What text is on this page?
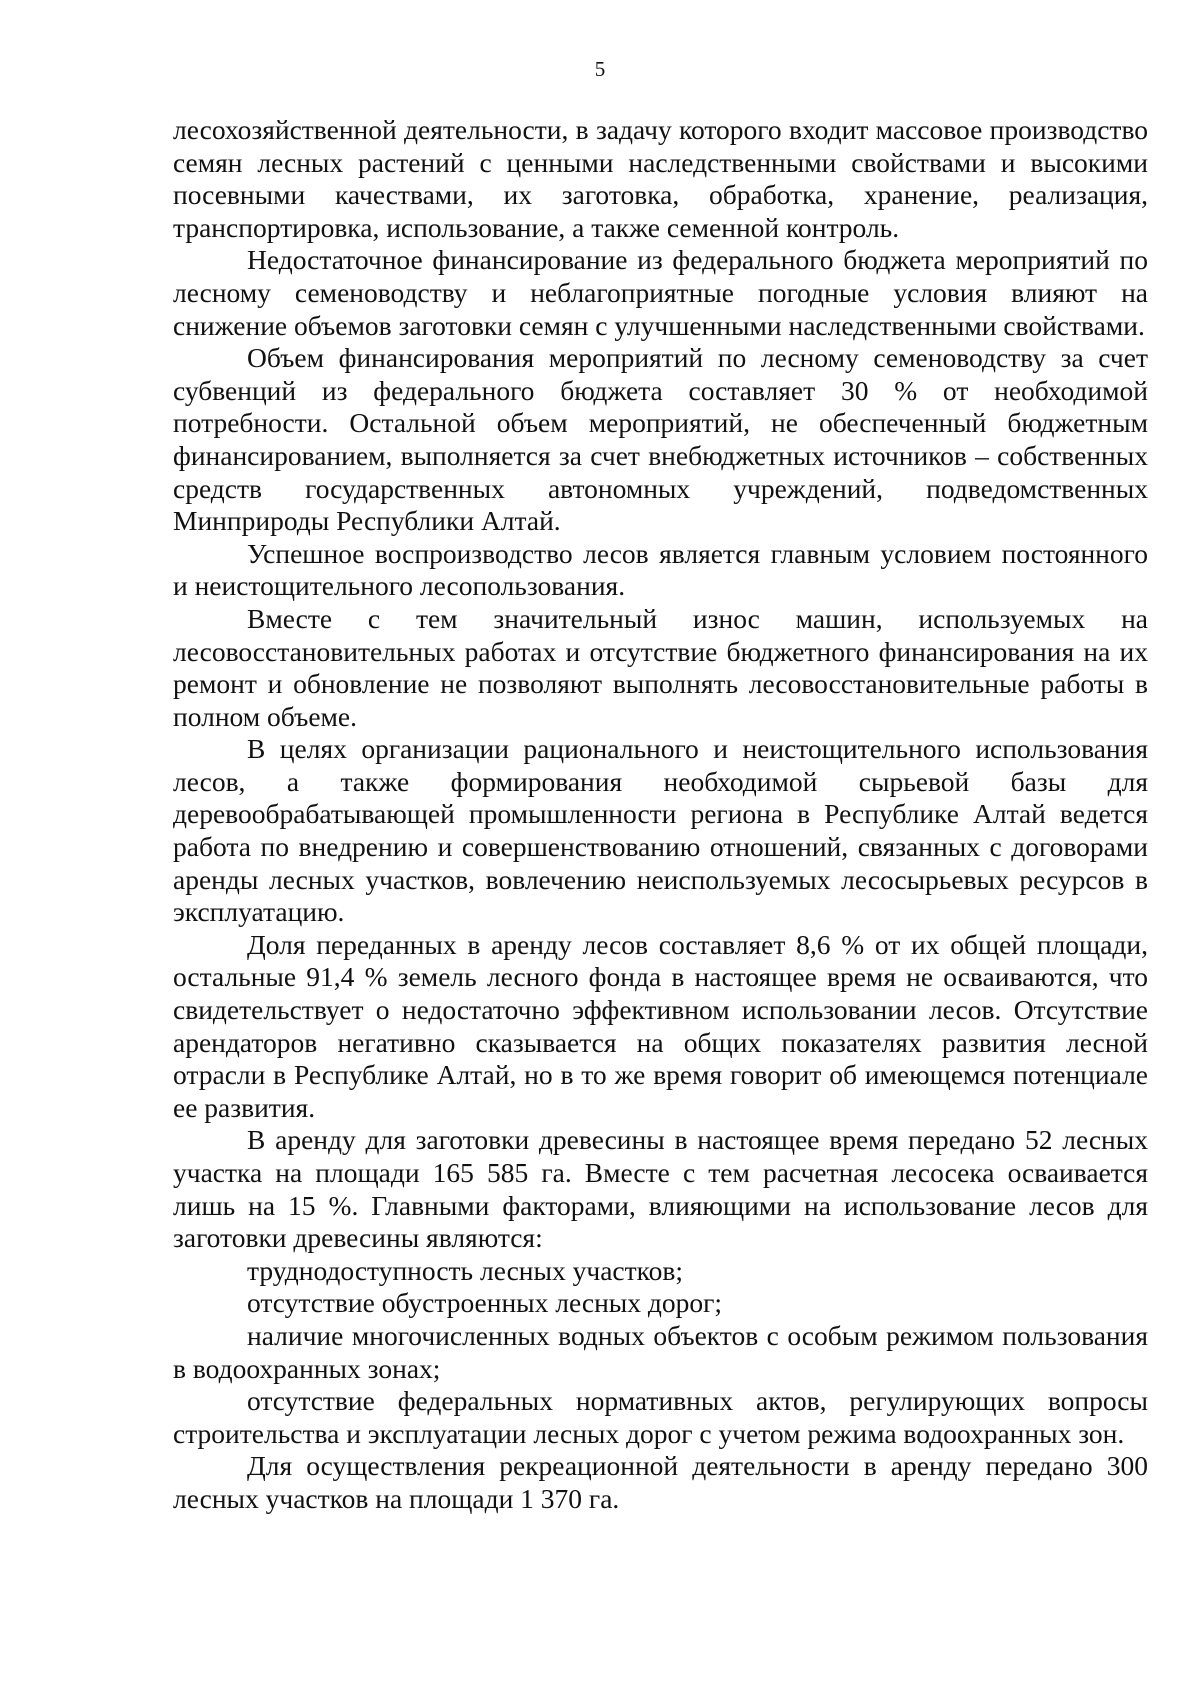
5

лесохозяйственной деятельности, в задачу которого входит массовое производство семян лесных растений с ценными наследственными свойствами и высокими посевными качествами, их заготовка, обработка, хранение, реализация, транспортировка, использование, а также семенной контроль.

Недостаточное финансирование из федерального бюджета мероприятий по лесному семеноводству и неблагоприятные погодные условия влияют на снижение объемов заготовки семян с улучшенными наследственными свойствами.

Объем финансирования мероприятий по лесному семеноводству за счет субвенций из федерального бюджета составляет 30 % от необходимой потребности. Остальной объем мероприятий, не обеспеченный бюджетным финансированием, выполняется за счет внебюджетных источников – собственных средств государственных автономных учреждений, подведомственных Минприроды Республики Алтай.

Успешное воспроизводство лесов является главным условием постоянного и неистощительного лесопользования.

Вместе с тем значительный износ машин, используемых на лесовосстановительных работах и отсутствие бюджетного финансирования на их ремонт и обновление не позволяют выполнять лесовосстановительные работы в полном объеме.

В целях организации рационального и неистощительного использования лесов, а также формирования необходимой сырьевой базы для деревообрабатывающей промышленности региона в Республике Алтай ведется работа по внедрению и совершенствованию отношений, связанных с договорами аренды лесных участков, вовлечению неиспользуемых лесосырьевых ресурсов в эксплуатацию.

Доля переданных в аренду лесов составляет 8,6 % от их общей площади, остальные 91,4 % земель лесного фонда в настоящее время не осваиваются, что свидетельствует о недостаточно эффективном использовании лесов. Отсутствие арендаторов негативно сказывается на общих показателях развития лесной отрасли в Республике Алтай, но в то же время говорит об имеющемся потенциале ее развития.

В аренду для заготовки древесины в настоящее время передано 52 лесных участка на площади 165 585 га. Вместе с тем расчетная лесосека осваивается лишь на 15 %. Главными факторами, влияющими на использование лесов для заготовки древесины являются:

труднодоступность лесных участков;

отсутствие обустроенных лесных дорог;

наличие многочисленных водных объектов с особым режимом пользования в водоохранных зонах;

отсутствие федеральных нормативных актов, регулирующих вопросы строительства и эксплуатации лесных дорог с учетом режима водоохранных зон.

Для осуществления рекреационной деятельности в аренду передано 300 лесных участков на площади 1 370 га.
